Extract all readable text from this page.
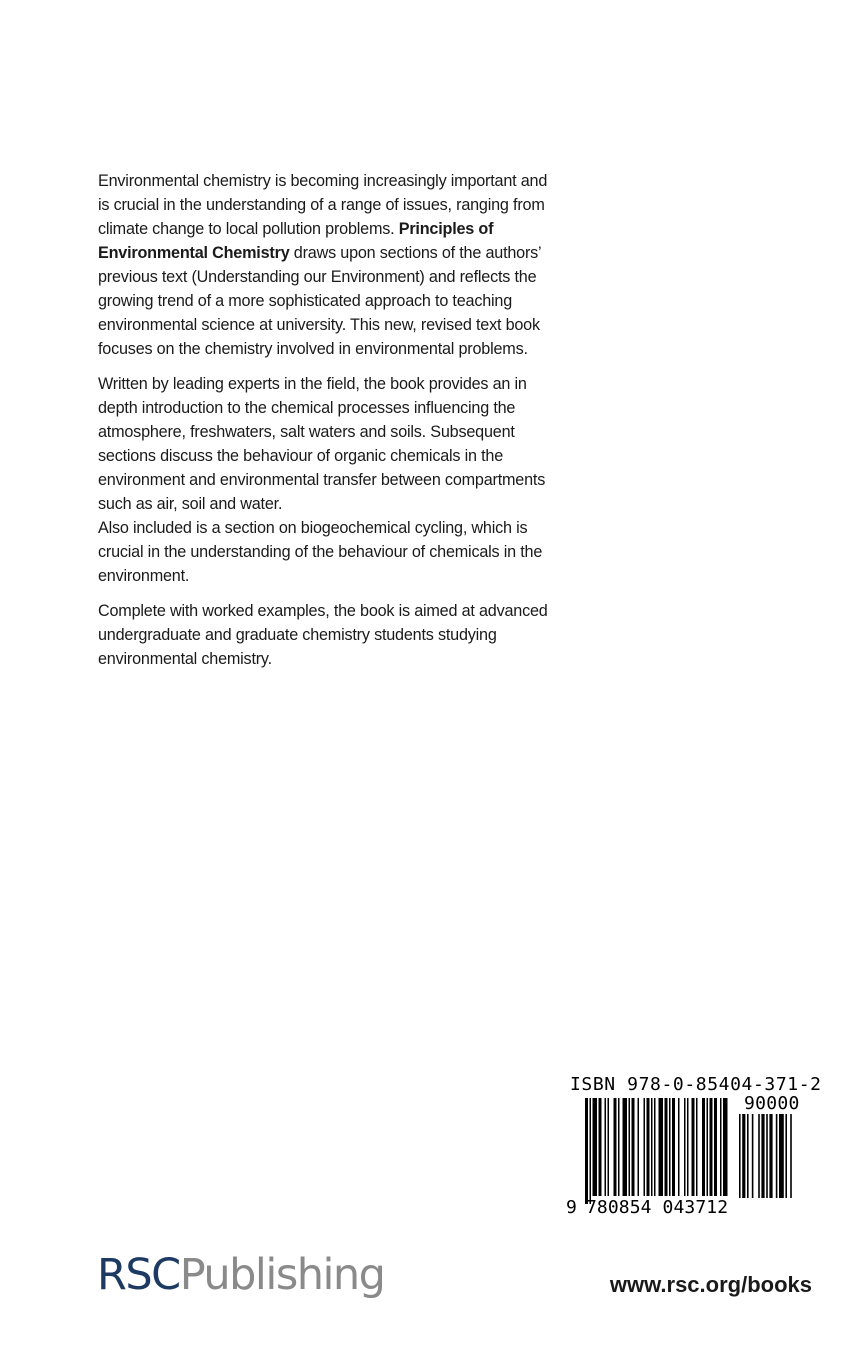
Environmental chemistry is becoming increasingly important and is crucial in the understanding of a range of issues, ranging from climate change to local pollution problems. Principles of Environmental Chemistry draws upon sections of the authors’ previous text (Understanding our Environment) and reflects the growing trend of a more sophisticated approach to teaching environmental science at university. This new, revised text book focuses on the chemistry involved in environmental problems.

Written by leading experts in the field, the book provides an in depth introduction to the chemical processes influencing the atmosphere, freshwaters, salt waters and soils. Subsequent sections discuss the behaviour of organic chemicals in the environment and environmental transfer between compartments such as air, soil and water.
Also included is a section on biogeochemical cycling, which is crucial in the understanding of the behaviour of chemicals in the environment.

Complete with worked examples, the book is aimed at advanced undergraduate and graduate chemistry students studying environmental chemistry.

ISBN 978-0-85404-371-2
90000
9 780854 043712
RSCPublishing	www.rsc.org/books
